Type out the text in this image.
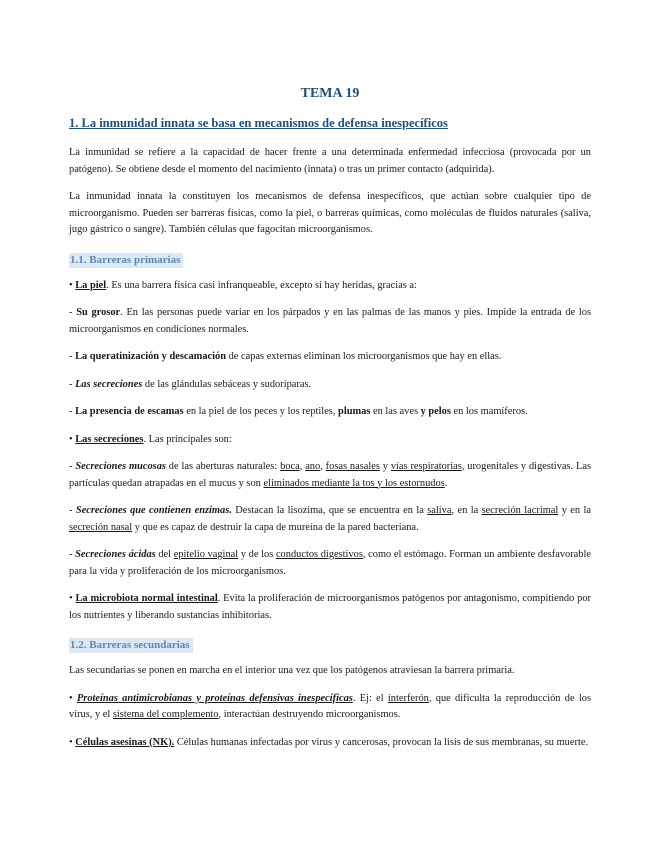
TEMA 19
1. La inmunidad innata se basa en mecanismos de defensa inespecíficos

La inmunidad se refiere a la capacidad de hacer frente a una determinada enfermedad infecciosa (provocada por un patógeno). Se obtiene desde el momento del nacimiento (innata) o tras un primer contacto (adquirida).

La inmunidad innata la constituyen los mecanismos de defensa inespecíficos, que actúan sobre cualquier tipo de microorganismo. Pueden ser barreras físicas, como la piel, o barreras químicas, como moléculas de fluidos naturales (saliva, jugo gástrico o sangre). También células que fagocitan microorganismos.

1.1. Barreras primarias

• La piel. Es una barrera física casi infranqueable, excepto si hay heridas, gracias a:

- Su grosor. En las personas puede variar en los párpados y en las palmas de las manos y pies. Impide la entrada de los microorganismos en condiciones normales.

- La queratinización y descamación de capas externas eliminan los microorganismos que hay en ellas.

- Las secreciones de las glándulas sebáceas y sudoríparas.

- La presencia de escamas en la piel de los peces y los reptiles, plumas en las aves y pelos en los mamíferos.

• Las secreciones. Las principales son:

- Secreciones mucosas de las aberturas naturales: boca, ano, fosas nasales y vías respiratorias, urogenitales y digestivas. Las partículas quedan atrapadas en el mucus y son eliminados mediante la tos y los estornudos.

- Secreciones que contienen enzimas. Destacan la lisozima, que se encuentra en la saliva, en la secreción lacrimal y en la secreción nasal y que es capaz de destruir la capa de mureína de la pared bacteriana.

- Secreciones ácidas del epitelio vaginal y de los conductos digestivos, como el estómago. Forman un ambiente desfavorable para la vida y proliferación de los microorganismos.

• La microbiota normal intestinal. Evita la proliferación de microorganismos patógenos por antagonismo, compitiendo por los nutrientes y liberando sustancias inhibitorias.

1.2. Barreras secundarias

Las secundarias se ponen en marcha en el interior una vez que los patógenos atraviesan la barrera primaria.

• Proteínas antimicrobianas y proteínas defensivas inespecíficas. Ej: el interferón, que dificulta la reproducción de los virus, y el sistema del complemento, interactúan destruyendo microorganismos.

• Células asesinas (NK). Células humanas infectadas por virus y cancerosas, provocan la lisis de sus membranas, su muerte.
